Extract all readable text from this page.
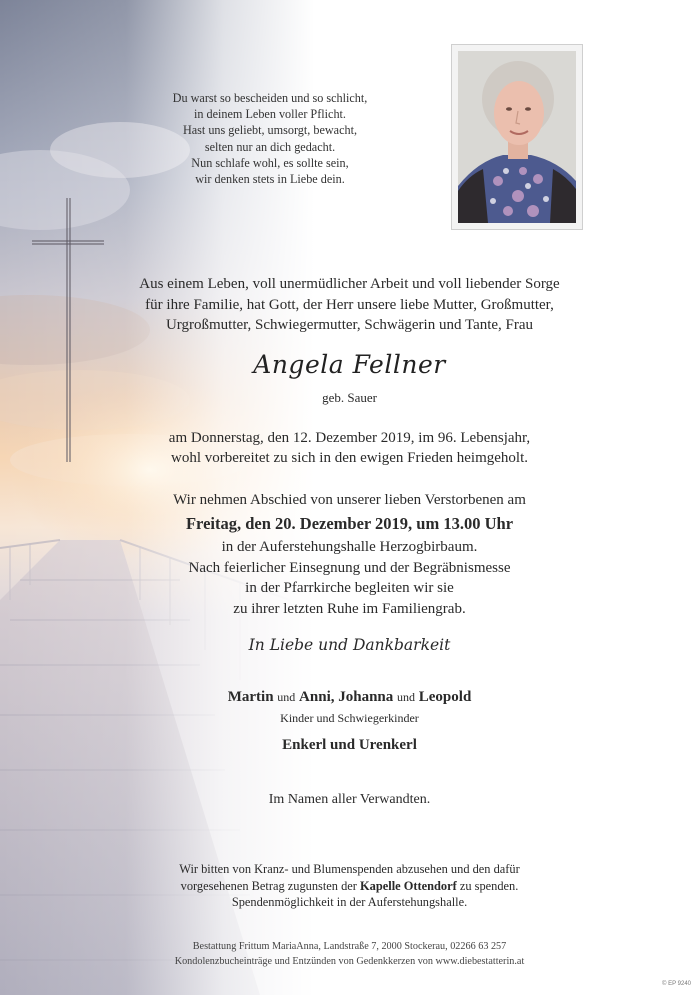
Du warst so bescheiden und so schlicht,
in deinem Leben voller Pflicht.
Hast uns geliebt, umsorgt, bewacht,
selten nur an dich gedacht.
Nun schlafe wohl, es sollte sein,
wir denken stets in Liebe dein.
Aus einem Leben, voll unermüdlicher Arbeit und voll liebender Sorge
für ihre Familie, hat Gott, der Herr unsere liebe Mutter, Großmutter,
Urgroßmutter, Schwiegermutter, Schwägerin und Tante, Frau
Angela Fellner
geb. Sauer
am Donnerstag, den 12. Dezember 2019, im 96. Lebensjahr,
wohl vorbereitet zu sich in den ewigen Frieden heimgeholt.
Wir nehmen Abschied von unserer lieben Verstorbenen am
Freitag, den 20. Dezember 2019, um 13.00 Uhr
in der Auferstehungshalle Herzogbirbaum.
Nach feierlicher Einsegnung und der Begräbnismesse
in der Pfarrkirche begleiten wir sie
zu ihrer letzten Ruhe im Familiengrab.
In Liebe und Dankbarkeit
Martin und Anni, Johanna und Leopold
Kinder und Schwiegerkinder
Enkerl und Urenkerl
Im Namen aller Verwandten.
Wir bitten von Kranz- und Blumenspenden abzusehen und den dafür
vorgesehenen Betrag zugunsten der Kapelle Ottendorf zu spenden.
Spendenmöglichkeit in der Auferstehungshalle.
Bestattung Frittum MariaAnna, Landstraße 7, 2000 Stockerau, 02266 63 257
Kondolenzbucheinträge und Entzünden von Gedenkkerzen von www.diebestatterin.at
© EP 9240
